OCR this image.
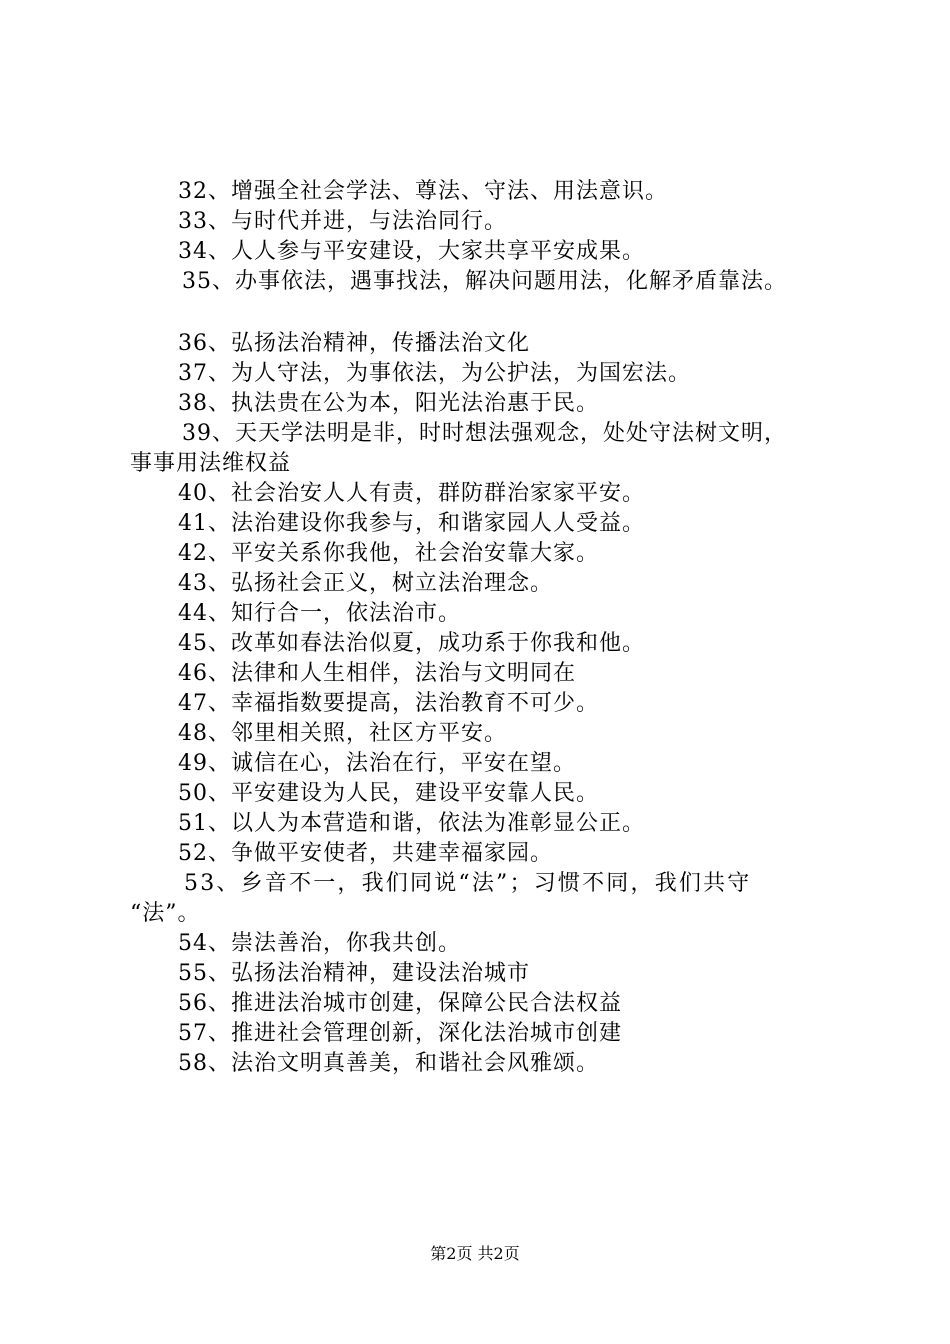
32、增强全社会学法、尊法、守法、用法意识。
33、与时代并进，与法治同行。
34、人人参与平安建设，大家共享平安成果。
35、办事依法，遇事找法，解决问题用法，化解矛盾靠法。
36、弘扬法治精神，传播法治文化
37、为人守法，为事依法，为公护法，为国宏法。
38、执法贵在公为本，阳光法治惠于民。
39、天天学法明是非，时时想法强观念，处处守法树文明，
事事用法维权益
40、社会治安人人有责，群防群治家家平安。
41、法治建设你我参与，和谐家园人人受益。
42、平安关系你我他，社会治安靠大家。
43、弘扬社会正义，树立法治理念。
44、知行合一，依法治市。
45、改革如春法治似夏，成功系于你我和他。
46、法律和人生相伴，法治与文明同在
47、幸福指数要提高，法治教育不可少。
48、邻里相关照，社区方平安。
49、诚信在心，法治在行，平安在望。
50、平安建设为人民，建设平安靠人民。
51、以人为本营造和谐，依法为准彰显公正。
52、争做平安使者，共建幸福家园。
53、乡音不一，我们同说“法”；习惯不同，我们共守
“法”。
54、崇法善治，你我共创。
55、弘扬法治精神，建设法治城市
56、推进法治城市创建，保障公民合法权益
57、推进社会管理创新，深化法治城市创建
58、法治文明真善美，和谐社会风雅颂。
第2页 共2页
